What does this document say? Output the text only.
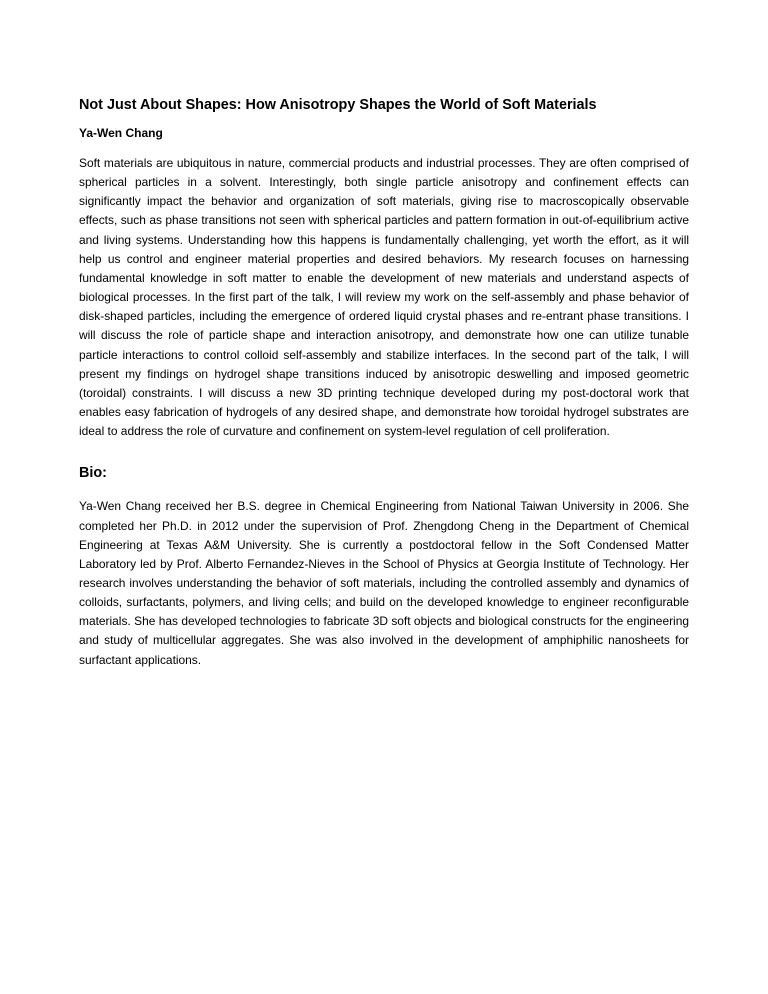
Not Just About Shapes: How Anisotropy Shapes the World of Soft Materials

Ya-Wen Chang

Soft materials are ubiquitous in nature, commercial products and industrial processes. They are often comprised of spherical particles in a solvent. Interestingly, both single particle anisotropy and confinement effects can significantly impact the behavior and organization of soft materials, giving rise to macroscopically observable effects, such as phase transitions not seen with spherical particles and pattern formation in out-of-equilibrium active and living systems. Understanding how this happens is fundamentally challenging, yet worth the effort, as it will help us control and engineer material properties and desired behaviors. My research focuses on harnessing fundamental knowledge in soft matter to enable the development of new materials and understand aspects of biological processes. In the first part of the talk, I will review my work on the self-assembly and phase behavior of disk-shaped particles, including the emergence of ordered liquid crystal phases and re-entrant phase transitions. I will discuss the role of particle shape and interaction anisotropy, and demonstrate how one can utilize tunable particle interactions to control colloid self-assembly and stabilize interfaces. In the second part of the talk, I will present my findings on hydrogel shape transitions induced by anisotropic deswelling and imposed geometric (toroidal) constraints. I will discuss a new 3D printing technique developed during my post-doctoral work that enables easy fabrication of hydrogels of any desired shape, and demonstrate how toroidal hydrogel substrates are ideal to address the role of curvature and confinement on system-level regulation of cell proliferation.

Bio:

Ya-Wen Chang received her B.S. degree in Chemical Engineering from National Taiwan University in 2006. She completed her Ph.D. in 2012 under the supervision of Prof. Zhengdong Cheng in the Department of Chemical Engineering at Texas A&M University. She is currently a postdoctoral fellow in the Soft Condensed Matter Laboratory led by Prof. Alberto Fernandez-Nieves in the School of Physics at Georgia Institute of Technology. Her research involves understanding the behavior of soft materials, including the controlled assembly and dynamics of colloids, surfactants, polymers, and living cells; and build on the developed knowledge to engineer reconfigurable materials. She has developed technologies to fabricate 3D soft objects and biological constructs for the engineering and study of multicellular aggregates. She was also involved in the development of amphiphilic nanosheets for surfactant applications.
